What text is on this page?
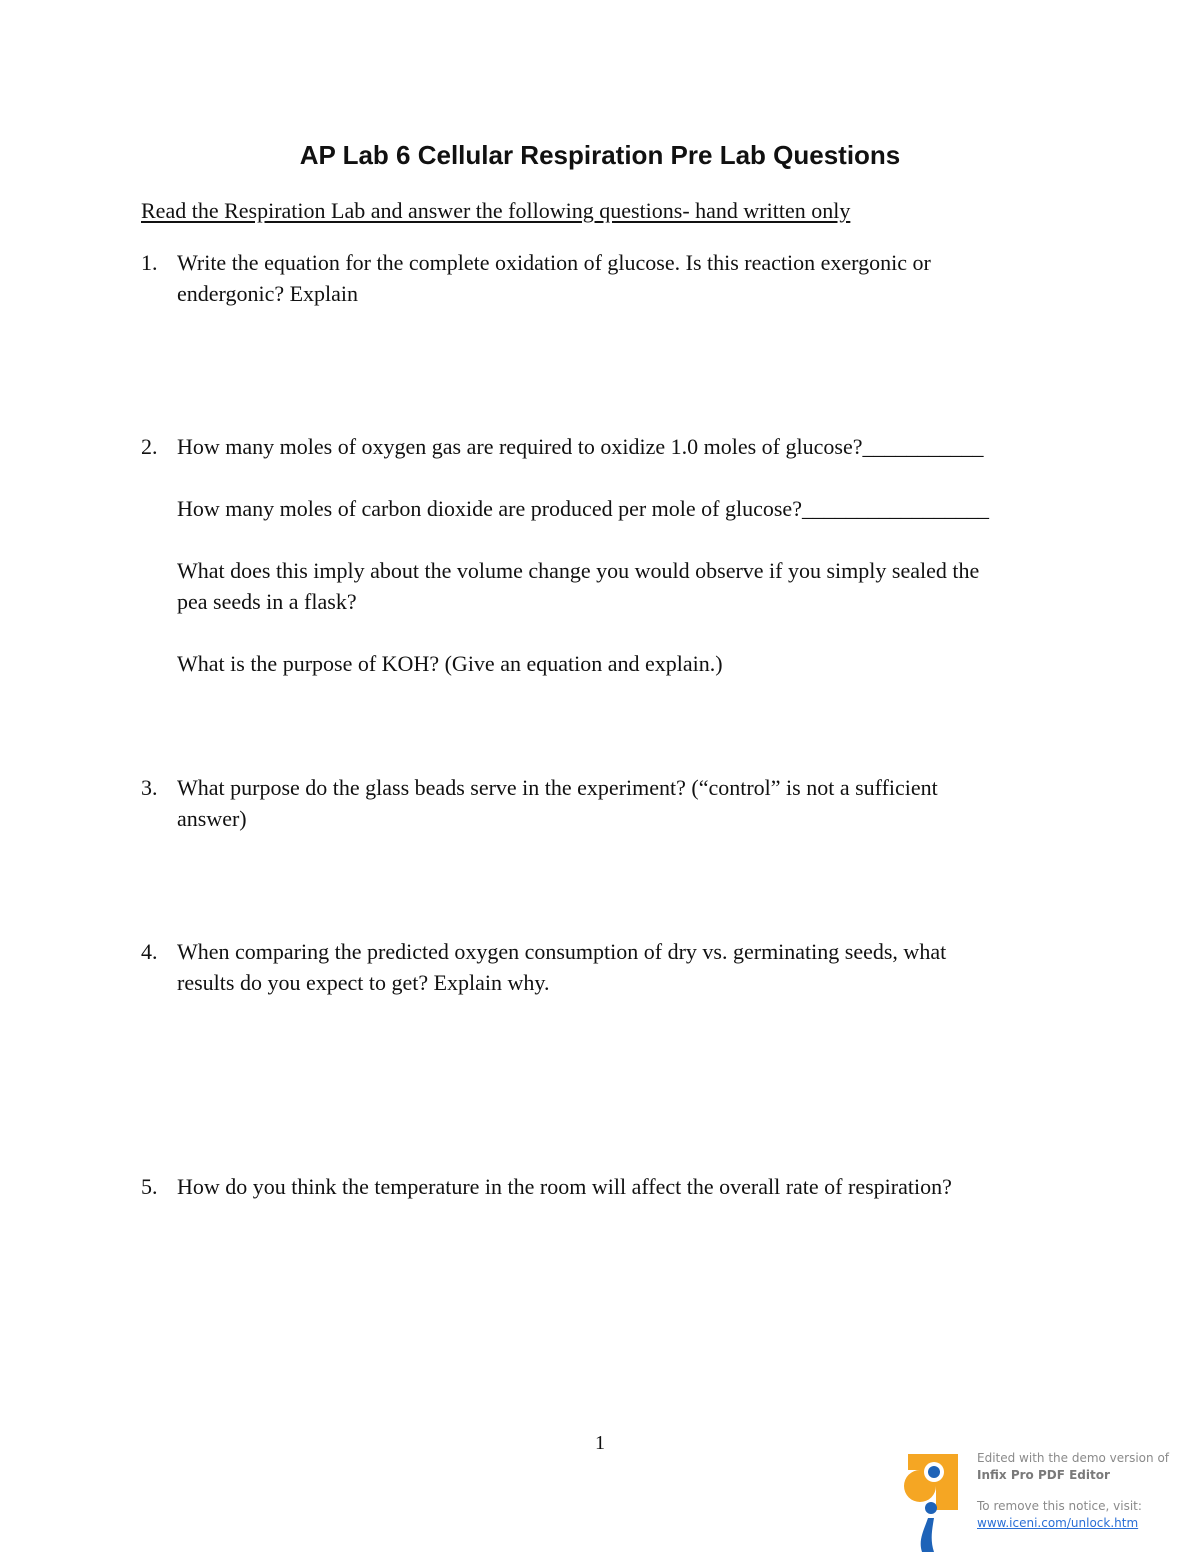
AP Lab 6 Cellular Respiration Pre Lab Questions
Read the Respiration Lab and answer the following questions- hand written only
1. Write the equation for the complete oxidation of glucose. Is this reaction exergonic or
endergonic? Explain
2. How many moles of oxygen gas are required to oxidize 1.0 moles of glucose?___________
How many moles of carbon dioxide are produced per mole of glucose?_________________
What does this imply about the volume change you would observe if you simply sealed the
pea seeds in a flask?
What is the purpose of KOH? (Give an equation and explain.)
3. What purpose do the glass beads serve in the experiment? (“control” is not a sufficient
answer)
4. When comparing the predicted oxygen consumption of dry vs. germinating seeds, what
results do you expect to get? Explain why.
5. How do you think the temperature in the room will affect the overall rate of respiration?
1
Edited with the demo version of
Infix Pro PDF Editor
To remove this notice, visit:
www.iceni.com/unlock.htm
